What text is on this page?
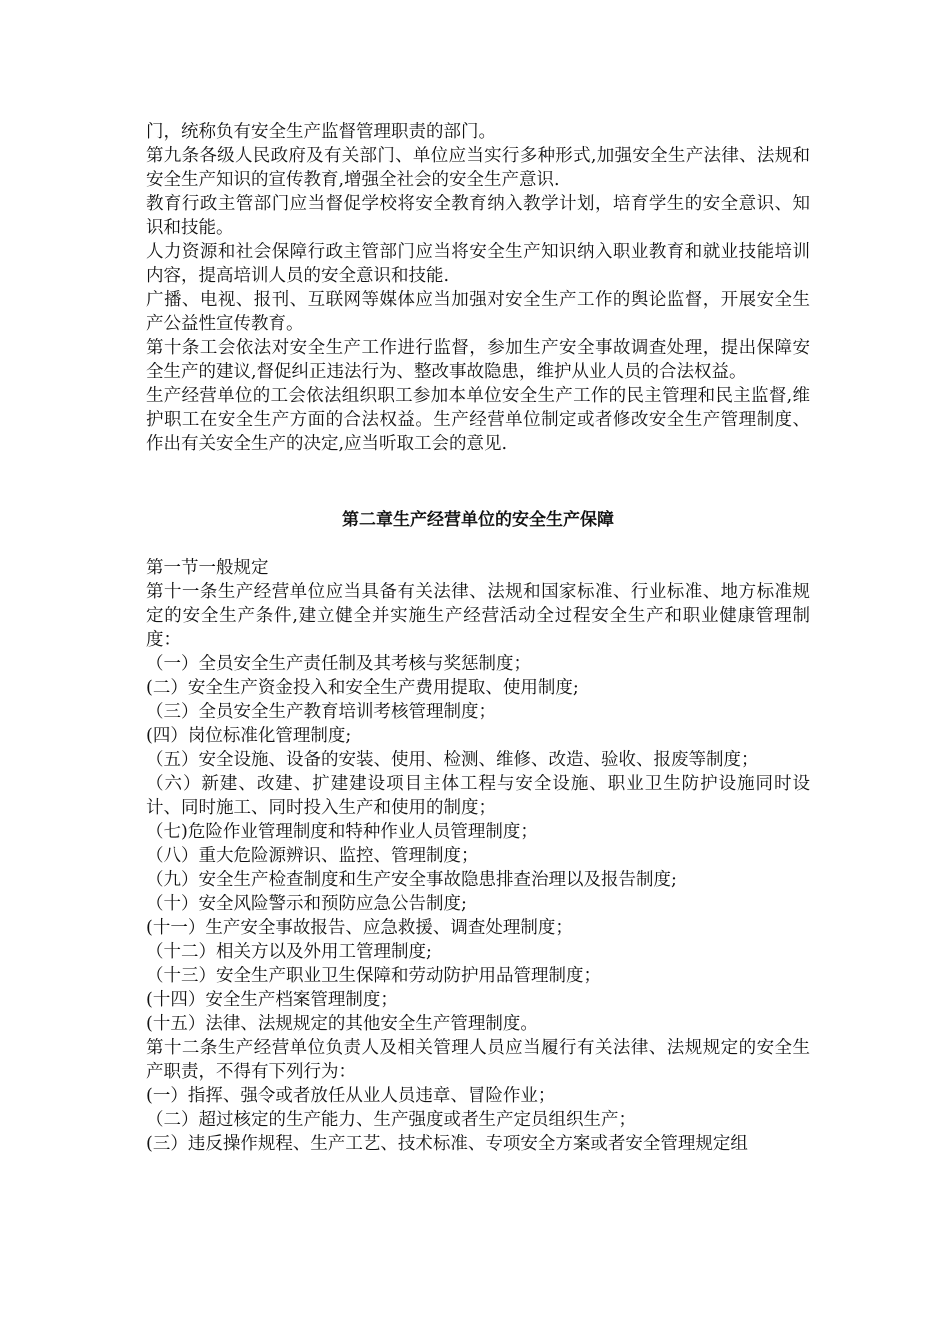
门，统称负有安全生产监督管理职责的部门。

第九条各级人民政府及有关部门、单位应当实行多种形式,加强安全生产法律、法规和安全生产知识的宣传教育,增强全社会的安全生产意识.

教育行政主管部门应当督促学校将安全教育纳入教学计划，培育学生的安全意识、知识和技能。

人力资源和社会保障行政主管部门应当将安全生产知识纳入职业教育和就业技能培训内容，提高培训人员的安全意识和技能.

广播、电视、报刊、互联网等媒体应当加强对安全生产工作的舆论监督，开展安全生产公益性宣传教育。

第十条工会依法对安全生产工作进行监督，参加生产安全事故调查处理，提出保障安全生产的建议,督促纠正违法行为、整改事故隐患，维护从业人员的合法权益。

生产经营单位的工会依法组织职工参加本单位安全生产工作的民主管理和民主监督,维护职工在安全生产方面的合法权益。生产经营单位制定或者修改安全生产管理制度、作出有关安全生产的决定,应当听取工会的意见.

第二章生产经营单位的安全生产保障

第一节一般规定

第十一条生产经营单位应当具备有关法律、法规和国家标准、行业标准、地方标准规定的安全生产条件,建立健全并实施生产经营活动全过程安全生产和职业健康管理制度：

（一）全员安全生产责任制及其考核与奖惩制度；

(二）安全生产资金投入和安全生产费用提取、使用制度;

（三）全员安全生产教育培训考核管理制度；

(四）岗位标准化管理制度;

（五）安全设施、设备的安装、使用、检测、维修、改造、验收、报废等制度；

（六）新建、改建、扩建建设项目主体工程与安全设施、职业卫生防护设施同时设计、同时施工、同时投入生产和使用的制度；

（七)危险作业管理制度和特种作业人员管理制度；

（八）重大危险源辨识、监控、管理制度；

（九）安全生产检查制度和生产安全事故隐患排查治理以及报告制度;

（十）安全风险警示和预防应急公告制度;

(十一）生产安全事故报告、应急救援、调查处理制度；

（十二）相关方以及外用工管理制度;

（十三）安全生产职业卫生保障和劳动防护用品管理制度；

(十四）安全生产档案管理制度；

(十五）法律、法规规定的其他安全生产管理制度。

第十二条生产经营单位负责人及相关管理人员应当履行有关法律、法规规定的安全生产职责，不得有下列行为：

(一）指挥、强令或者放任从业人员违章、冒险作业；

（二）超过核定的生产能力、生产强度或者生产定员组织生产；

(三）违反操作规程、生产工艺、技术标准、专项安全方案或者安全管理规定组
